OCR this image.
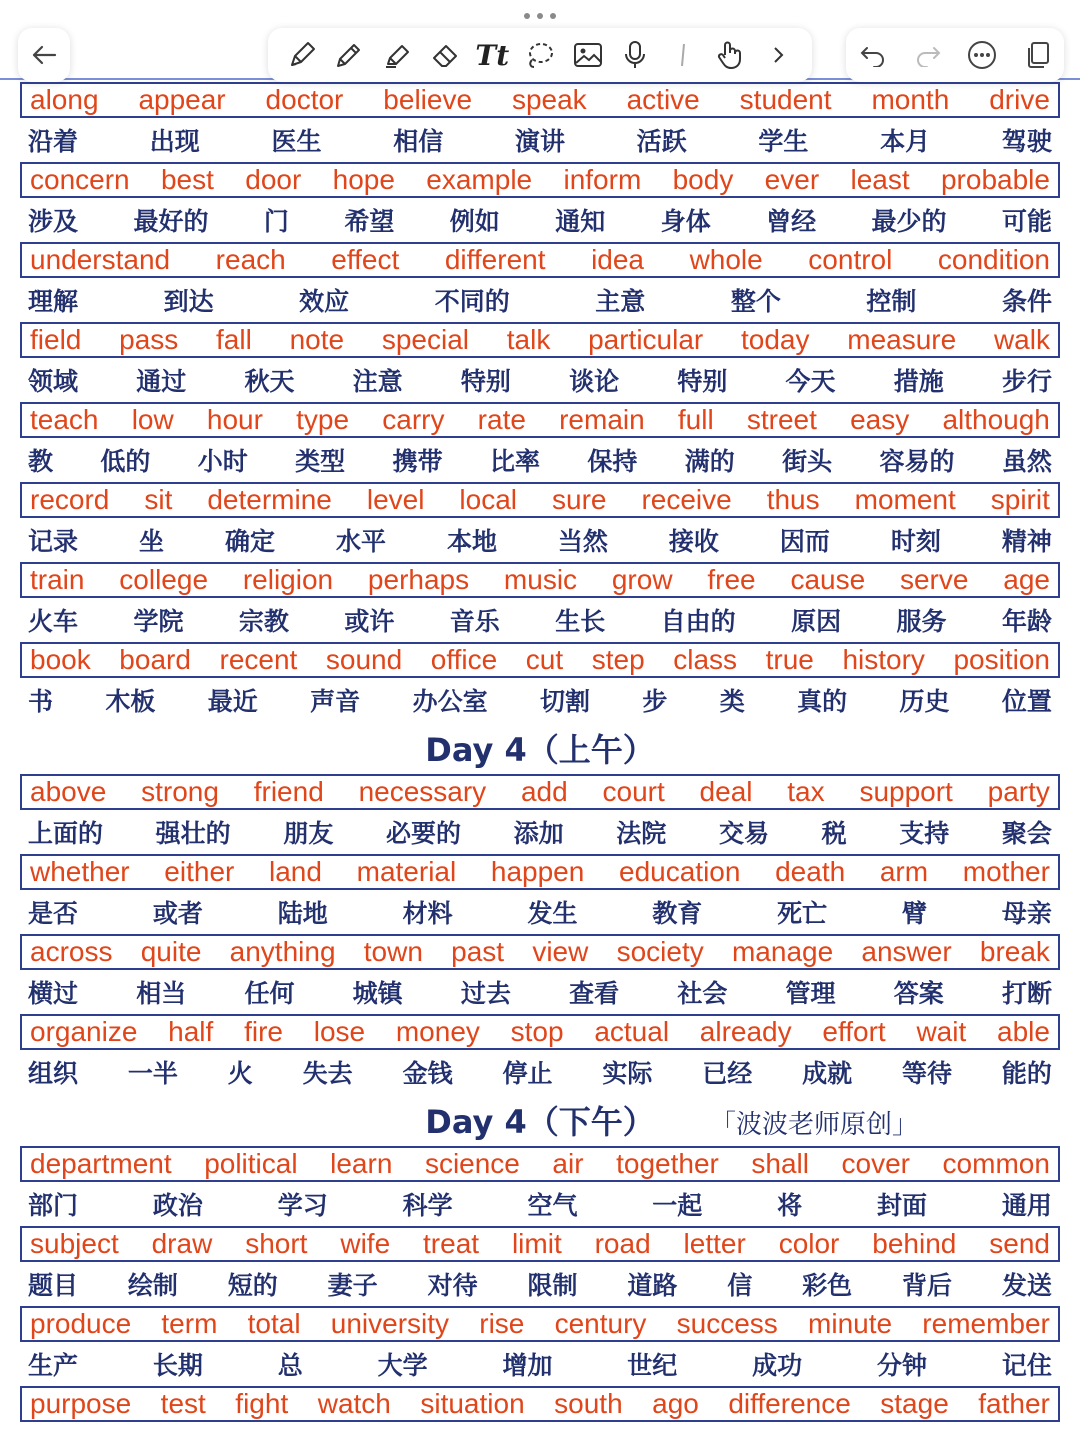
Tt
along appear doctor believe speak active student month drive
沿着	出现	医生	相信	演讲	活跃	学生	本月	驾驶
concern best door hope example inform body ever least probable
涉及 最好的 门 希望 例如 通知 身体 曾经 最少的 可能
understand reach effect different idea whole control condition
理解	到达	效应	不同的	主意	整个	控制	条件
field pass fall note special talk particular today measure walk
领域 通过 秋天 注意 特别 谈论 特别 今天 措施 步行
teach low hour type carry rate remain full street easy although
教 低的 小时 类型 携带 比率 保持 满的 街头 容易的 虽然
record sit determine level local sure receive thus moment spirit
记录 坐 确定 水平 本地 当然 接收 因而 时刻 精神
train college religion perhaps music grow free cause serve age
火车 学院 宗教 或许 音乐 生长 自由的 原因 服务 年龄
book board recent sound office cut step class true history position
书 木板 最近 声音 办公室 切割 步 类 真的 历史 位置
Day 4（上午）
above strong friend necessary add court deal tax support party
上面的 强壮的 朋友 必要的 添加 法院 交易 税 支持 聚会
whether either land material happen education death arm mother
是否	或者	陆地	材料	发生	教育	死亡	臂	母亲
across quite anything town past view society manage answer break
横过 相当 任何 城镇 过去 查看 社会 管理 答案 打断
organize half fire lose money stop actual already effort wait able
组织 一半 火 失去 金钱 停止 实际 已经 成就 等待 能的
Day 4（下午） 「波波老师原创」
department political learn science air together shall cover common
部门	政治	学习	科学	空气	一起	将	封面	通用
subject draw short wife treat limit road letter color behind send
题目 绘制 短的 妻子 对待 限制 道路 信 彩色 背后 发送
produce term total university rise century success minute remember
生产	长期	总	大学	增加	世纪	成功	分钟	记住
purpose test fight watch situation south ago difference stage father
